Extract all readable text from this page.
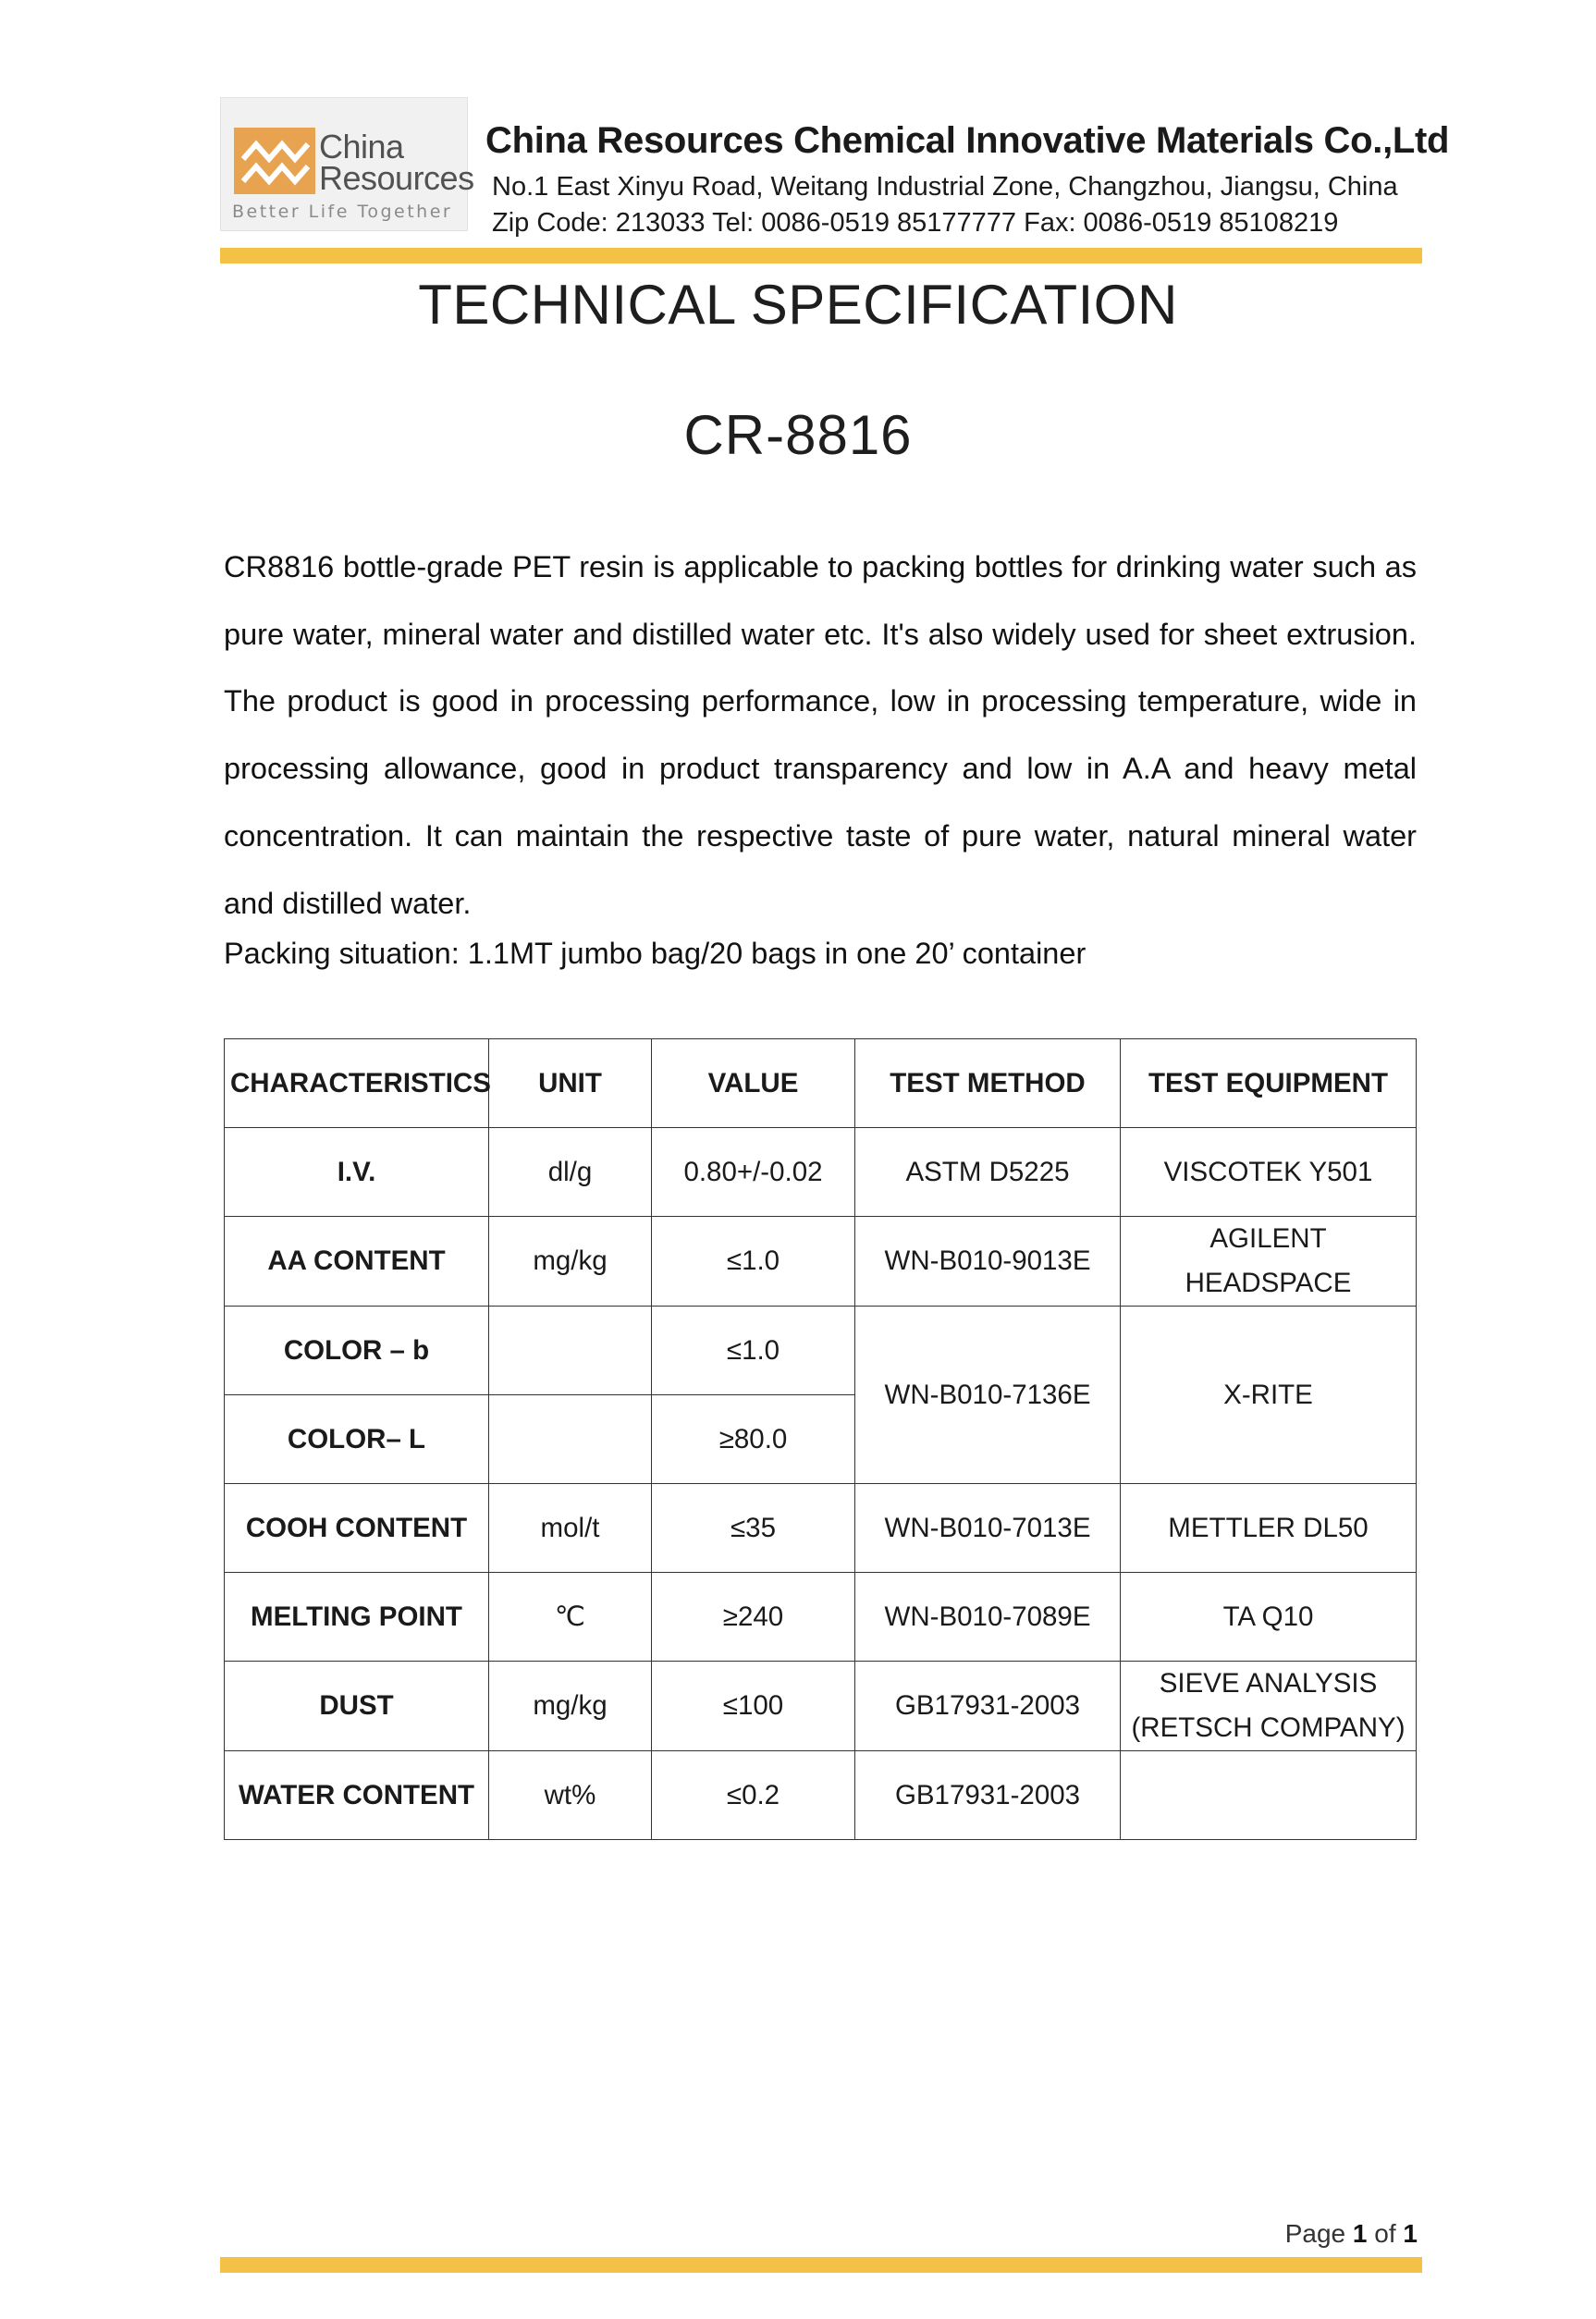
China
Resources
Better Life Together
China Resources Chemical Innovative Materials Co.,Ltd
No.1 East Xinyu Road, Weitang Industrial Zone, Changzhou, Jiangsu, China
Zip Code: 213033 Tel: 0086-0519 85177777 Fax: 0086-0519 85108219
TECHNICAL SPECIFICATION
CR-8816
CR8816 bottle-grade PET resin is applicable to packing bottles for drinking water such as pure water, mineral water and distilled water etc. It's also widely used for sheet extrusion. The product is good in processing performance, low in processing temperature, wide in processing allowance, good in product transparency and low in A.A and heavy metal concentration. It can maintain the respective taste of pure water, natural mineral water and distilled water.
Packing situation: 1.1MT jumbo bag/20 bags in one 20’ container
CHARACTERISTICS	UNIT	VALUE	TEST METHOD	TEST EQUIPMENT
I.V.	dl/g	0.80+/-0.02	ASTM D5225	VISCOTEK Y501
AA CONTENT	mg/kg	≤1.0	WN-B010-9013E	AGILENT
HEADSPACE

COLOR – b		≤1.0	WN-B010-7136E	X-RITE
COLOR– L		≥80.0		
COOH CONTENT	mol/t	≤35	WN-B010-7013E	METTLER DL50
MELTING POINT	℃	≥240	WN-B010-7089E	TA Q10
DUST	mg/kg	≤100	GB17931-2003	SIEVE ANALYSIS
(RETSCH COMPANY)

WATER CONTENT	wt%	≤0.2	GB17931-2003	
Page 1 of 1
